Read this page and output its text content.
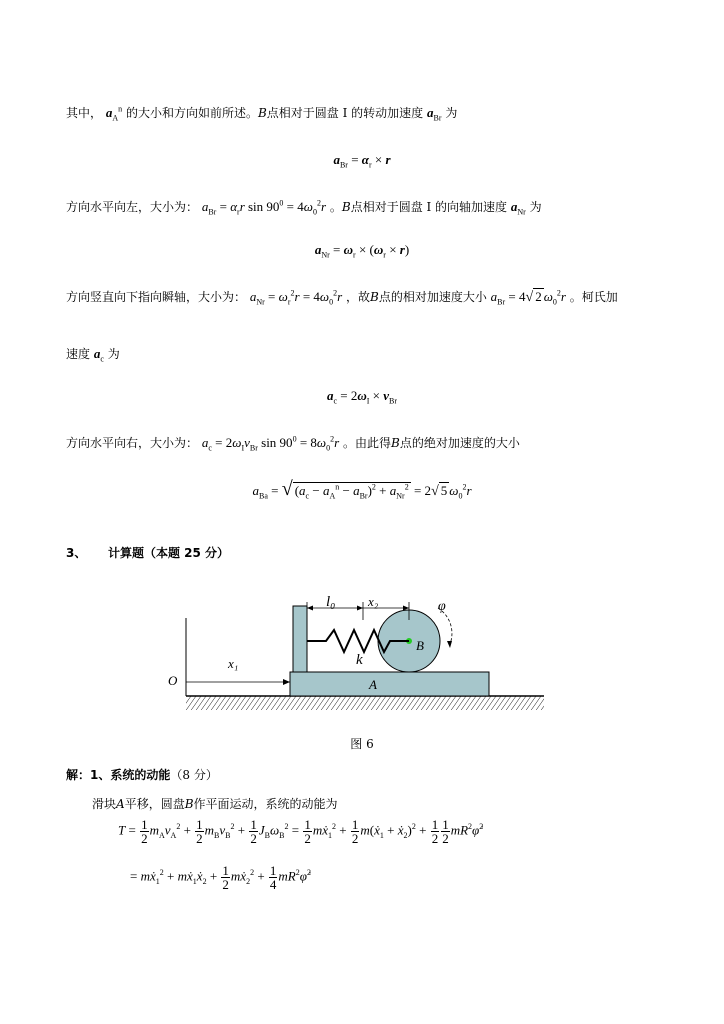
其中， $a_A^n$ 的大小和方向如前所述。B点相对于圆盘 I 的转动加速度 $a_{Br}$ 为
$a_{Br} = \alpha_r \times r$
方向水平向左，大小为： $a_{Br} = \alpha_rr$ $\sin 90^0 = 4\omega_0^2r$ 。B点相对于圆盘 I 的向轴加速度 $a_{Nr}$ 为
$a_{Nr} = \omega_r \times (\omega_r \times r)$
方向竖直向下指向瞬轴，大小为： $a_{Nr} = \omega_r^2r = 4\omega_0^2r$ ，故B点的相对加速度大小 $a_{Br} = 4√$ 2 $\omega_0^2r$ 。柯氏加
速度 $a_c$ 为
$a_c = 2\omega_I \times v_{Br}$
方向水平向右，大小为： $a_c = 2\omega_Iv_{Br}$ $\sin 90^0 = 8\omega_0^2r$ 。由此得B点的绝对加速度的大小
$a_{Ba}$ = √ $(a_c - a_A^n - a_{Br})^2 + a_{Nr}^2 = 2√$ 5 $\omega_0^2r$
3、 计算题（本题 25 分）
O
x₁
l₀	x₂	φ
k
B
A
图 6
解：1、系统的动能（8 分）
滑块A平移，圆盘B作平面运动，系统的动能为
$T = \frac{1}{2} m_Av_A^2 + \frac{1}{2} m_Bv_B^2 + \frac{1}{2} J_B\omega_B^2 = \frac{1}{2}$ mẋ$_1^2$ + $\frac{1}{2}$ m(ẋ$_1$ + ẋ$_2$)$^2$ + $\frac{1}{2} \frac{1}{2}$ $mR^2\varphi̇^2$
= mẋ$_1^2$ + mẋ$_1$ẋ$_2$ + $\frac{1}{2}$ mẋ$_2^2$ + $\frac{1}{4}$ $mR^2\varphi̇^2$
